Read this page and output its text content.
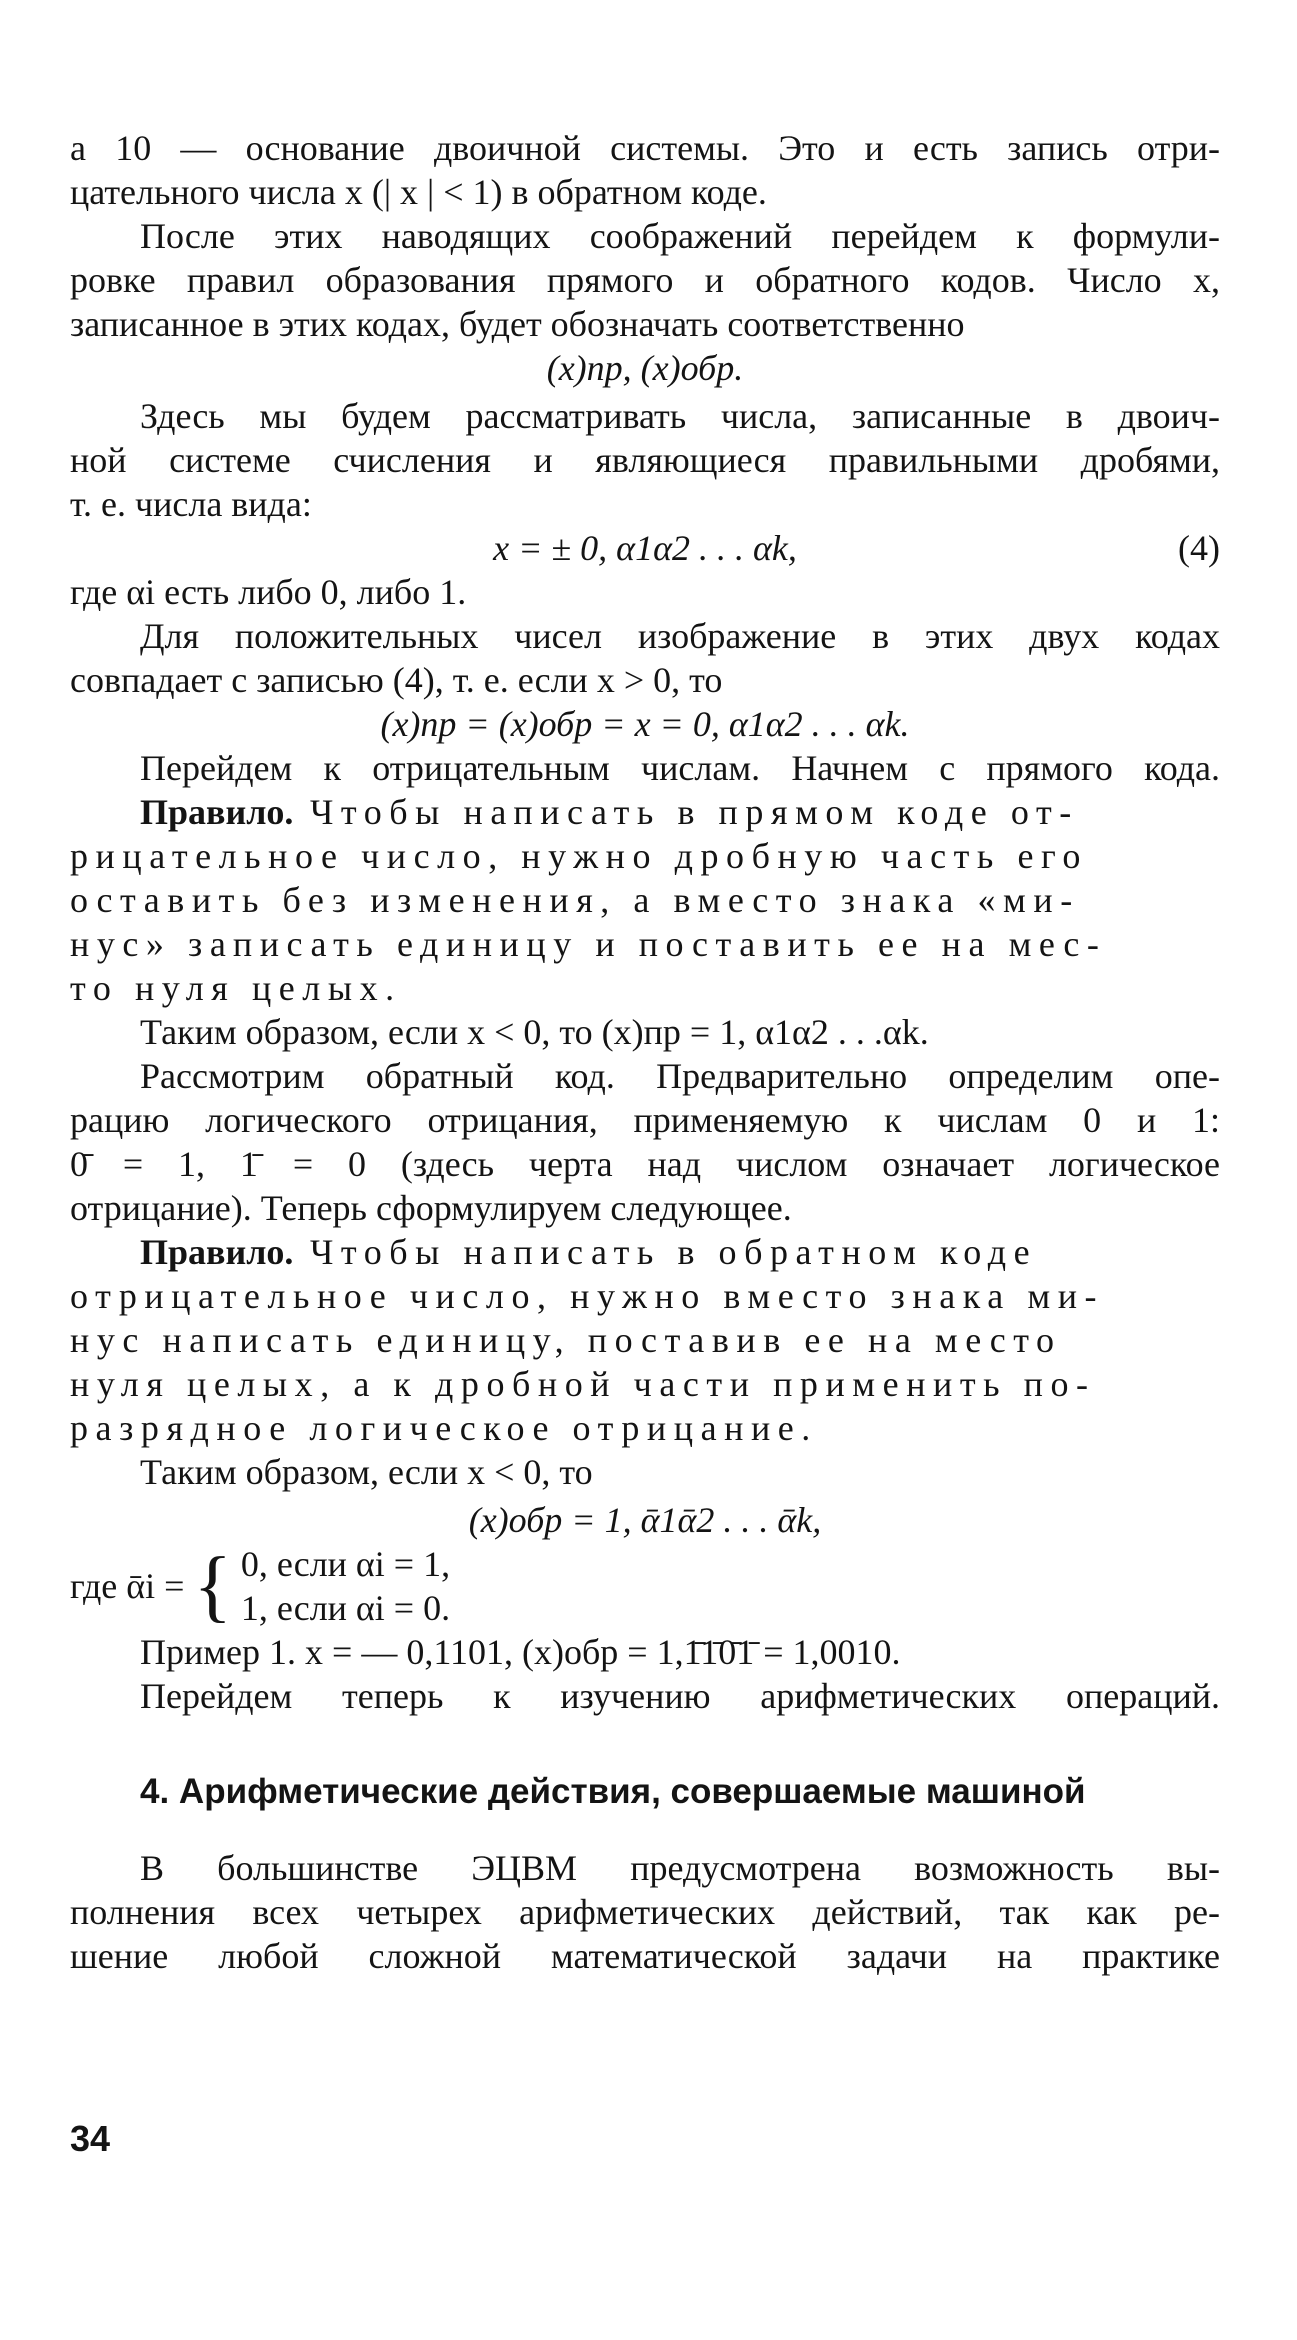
а 10 — основание двоичной системы. Это и есть запись отри-
цательного числа x (| x | < 1) в обратном коде.
После этих наводящих соображений перейдем к формули-
ровке правил образования прямого и обратного кодов. Число x,
записанное в этих кодах, будет обозначать соответственно
(x)пр, (x)обр.
Здесь мы будем рассматривать числа, записанные в двоич-
ной системе счисления и являющиеся правильными дробями,
т. е. числа вида:
x = ± 0, α1α2 . . . αk,	(4)
где αi есть либо 0, либо 1.
Для положительных чисел изображение в этих двух кодах
совпадает с записью (4), т. е. если x > 0, то
(x)пр = (x)обр = x = 0, α1α2 . . . αk.
Перейдем к отрицательным числам. Начнем с прямого кода.
Правило. Чтобы написать в прямом коде от-
рицательное число, нужно дробную часть его
оставить без изменения, а вместо знака «ми-
нус» записать единицу и поставить ее на мес-
то нуля целых.
Таким образом, если x < 0, то (x)пр = 1, α1α2 . . .αk.
Рассмотрим обратный код. Предварительно определим опе-
рацию логического отрицания, применяемую к числам 0 и 1:
0̄ = 1, 1̄ = 0 (здесь черта над числом означает логическое
отрицание). Теперь сформулируем следующее.
Правило. Чтобы написать в обратном коде
отрицательное число, нужно вместо знака ми-
нус написать единицу, поставив ее на место
нуля целых, а к дробной части применить по-
разрядное логическое отрицание.
Таким образом, если x < 0, то
(x)обр = 1, ᾱ1ᾱ2 . . . ᾱk,
где ᾱi = { 0, если αi = 1,
1, если αi = 0.
Пример 1. x = — 0,1101, (x)обр = 1,1̄1̄0̄1̄ = 1,0010.
Перейдем теперь к изучению арифметических операций.
4. Арифметические действия, совершаемые машиной
В большинстве ЭЦВМ предусмотрена возможность вы-
полнения всех четырех арифметических действий, так как ре-
шение любой сложной математической задачи на практике
34
